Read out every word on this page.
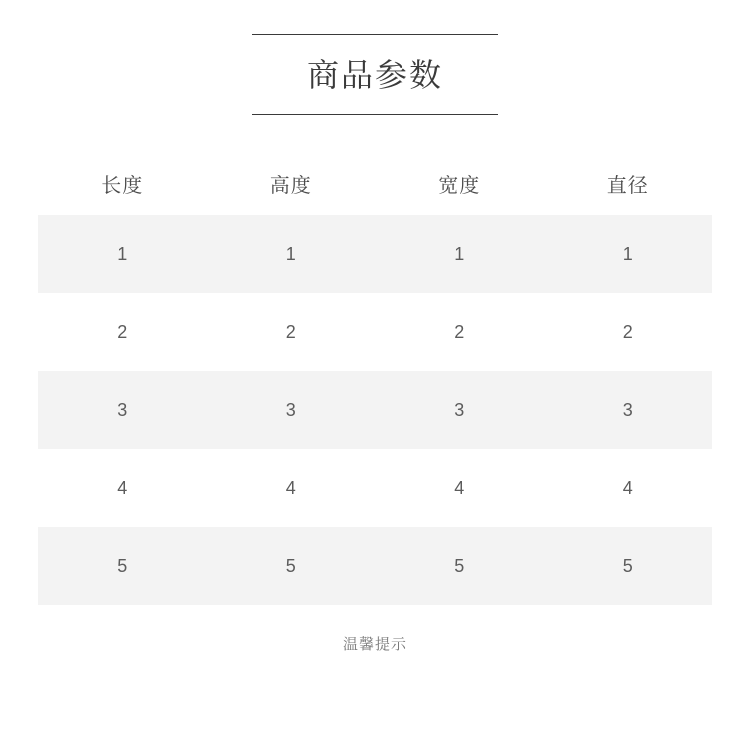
商品参数
长度	高度	宽度	直径
1	1	1	1
2	2	2	2
3	3	3	3
4	4	4	4
5	5	5	5
温馨提示
